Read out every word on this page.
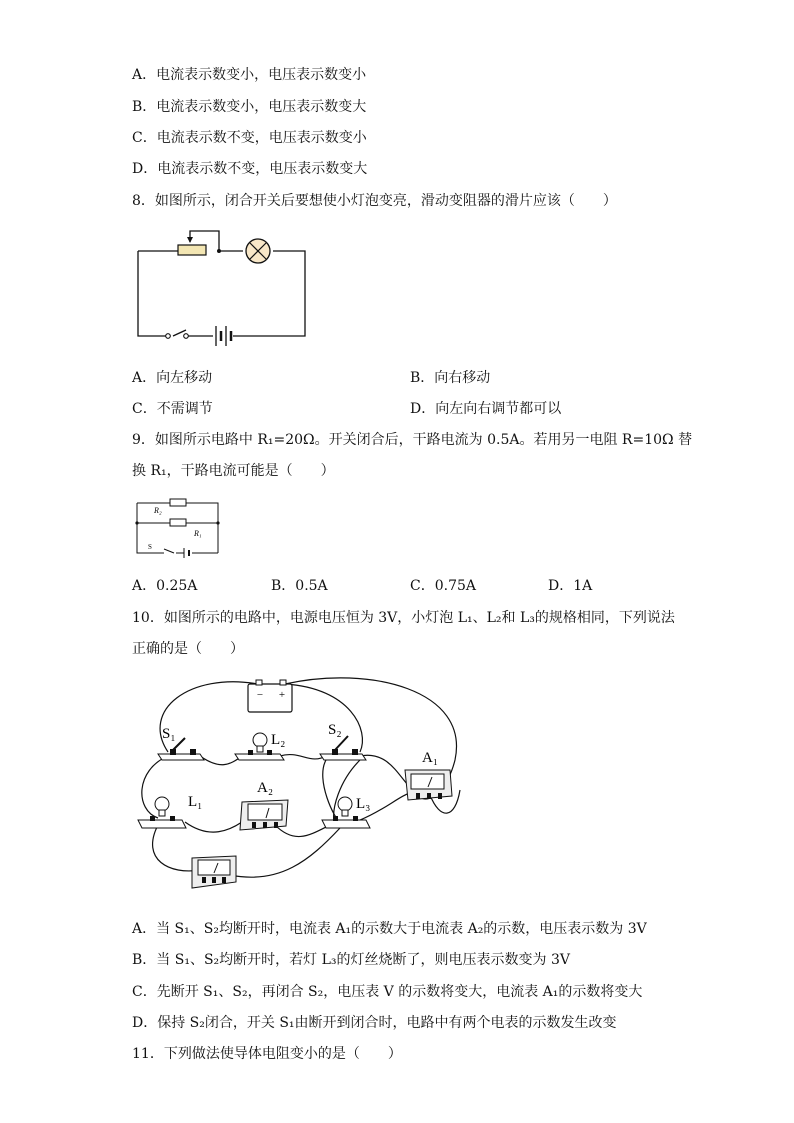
A．电流表示数变小，电压表示数变小
B．电流表示数变小，电压表示数变大
C．电流表示数不变，电压表示数变小
D．电流表示数不变，电压表示数变大
8．如图所示，闭合开关后要想使小灯泡变亮，滑动变阻器的滑片应该（　　）
A．向左移动	B．向右移动
C．不需调节	D．向左向右调节都可以
9．如图所示电路中 R₁=20Ω。开关闭合后，干路电流为 0.5A。若用另一电阻 R=10Ω 替
换 R₁，干路电流可能是（　　）
R₂
R₁
S
A．0.25A	B．0.5A	C．0.75A	D．1A
10．如图所示的电路中，电源电压恒为 3V，小灯泡 L₁、L₂和 L₃的规格相同，下列说法
正确的是（　　）
− +
S₁	L₂
S₂
A₁
L₁
A₂
L₃
A．当 S₁、S₂均断开时，电流表 A₁的示数大于电流表 A₂的示数，电压表示数为 3V
B．当 S₁、S₂均断开时，若灯 L₃的灯丝烧断了，则电压表示数变为 3V
C．先断开 S₁、S₂，再闭合 S₂，电压表 V 的示数将变大，电流表 A₁的示数将变大
D．保持 S₂闭合，开关 S₁由断开到闭合时，电路中有两个电表的示数发生改变
11．下列做法使导体电阻变小的是（　　）
